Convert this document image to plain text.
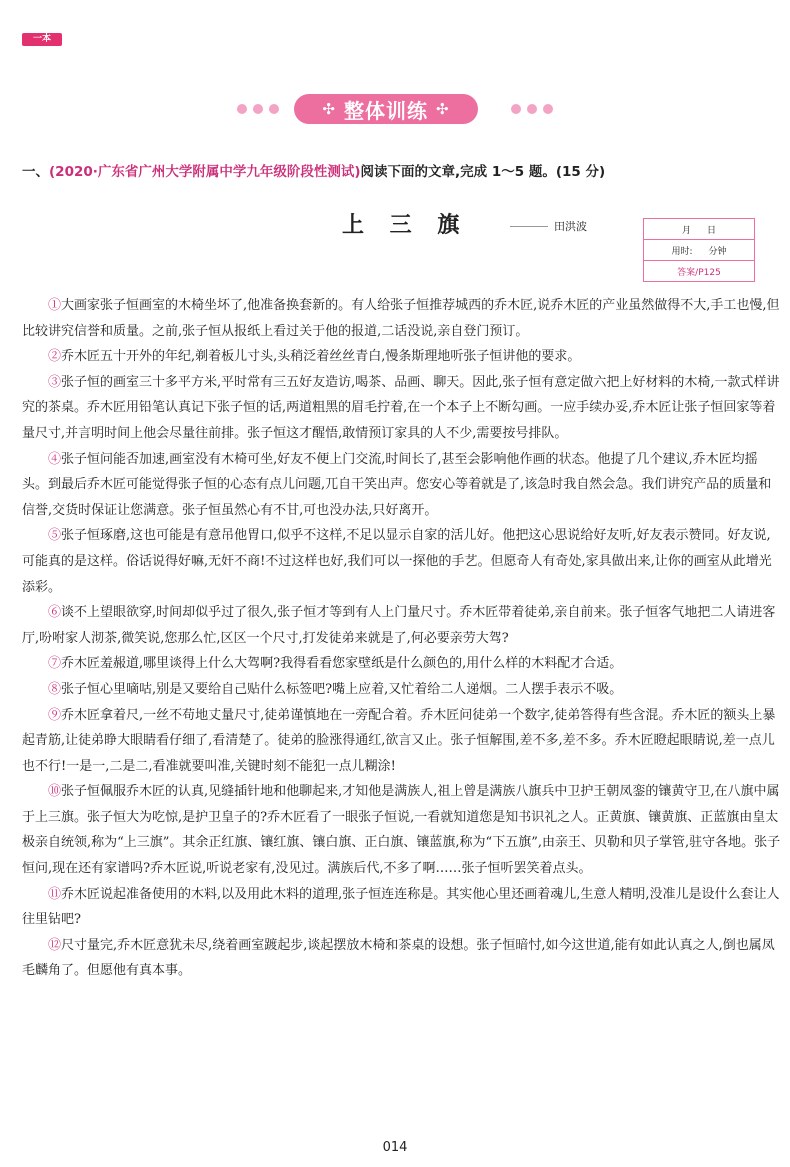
一本
✣ 整体训练 ✣
一、(2020·广东省广州大学附属中学九年级阶段性测试)阅读下面的文章,完成 1～5 题。(15 分)
上 三 旗	田洪波	月 日
用时: 分钟
答案/P125

①大画家张子恒画室的木椅坐坏了,他准备换套新的。有人给张子恒推荐城西的乔木匠,说乔木匠的产业虽然做得不大,手工也慢,但比较讲究信誉和质量。之前,张子恒从报纸上看过关于他的报道,二话没说,亲自登门预订。

②乔木匠五十开外的年纪,剃着板儿寸头,头稍泛着丝丝青白,慢条斯理地听张子恒讲他的要求。

③张子恒的画室三十多平方米,平时常有三五好友造访,喝茶、品画、聊天。因此,张子恒有意定做六把上好材料的木椅,一款式样讲究的茶桌。乔木匠用铅笔认真记下张子恒的话,两道粗黑的眉毛拧着,在一个本子上不断勾画。一应手续办妥,乔木匠让张子恒回家等着量尺寸,并言明时间上他会尽量往前排。张子恒这才醒悟,敢情预订家具的人不少,需要按号排队。

④张子恒问能否加速,画室没有木椅可坐,好友不便上门交流,时间长了,甚至会影响他作画的状态。他提了几个建议,乔木匠均摇头。到最后乔木匠可能觉得张子恒的心态有点儿问题,兀自干笑出声。您安心等着就是了,该急时我自然会急。我们讲究产品的质量和信誉,交货时保证让您满意。张子恒虽然心有不甘,可也没办法,只好离开。

⑤张子恒琢磨,这也可能是有意吊他胃口,似乎不这样,不足以显示自家的活儿好。他把这心思说给好友听,好友表示赞同。好友说,可能真的是这样。俗话说得好嘛,无奸不商!不过这样也好,我们可以一探他的手艺。但愿奇人有奇处,家具做出来,让你的画室从此增光添彩。

⑥谈不上望眼欲穿,时间却似乎过了很久,张子恒才等到有人上门量尺寸。乔木匠带着徒弟,亲自前来。张子恒客气地把二人请进客厅,吩咐家人沏茶,微笑说,您那么忙,区区一个尺寸,打发徒弟来就是了,何必要亲劳大驾?

⑦乔木匠羞赧道,哪里谈得上什么大驾啊?我得看看您家壁纸是什么颜色的,用什么样的木料配才合适。

⑧张子恒心里嘀咕,别是又要给自己贴什么标签吧?嘴上应着,又忙着给二人递烟。二人摆手表示不吸。

⑨乔木匠拿着尺,一丝不苟地丈量尺寸,徒弟谨慎地在一旁配合着。乔木匠问徒弟一个数字,徒弟答得有些含混。乔木匠的额头上暴起青筋,让徒弟睁大眼睛看仔细了,看清楚了。徒弟的脸涨得通红,欲言又止。张子恒解围,差不多,差不多。乔木匠瞪起眼睛说,差一点儿也不行!一是一,二是二,看准就要叫准,关键时刻不能犯一点儿糊涂!

⑩张子恒佩服乔木匠的认真,见缝插针地和他聊起来,才知他是满族人,祖上曾是满族八旗兵中卫护王朝凤銮的镶黄守卫,在八旗中属于上三旗。张子恒大为吃惊,是护卫皇子的?乔木匠看了一眼张子恒说,一看就知道您是知书识礼之人。正黄旗、镶黄旗、正蓝旗由皇太极亲自统领,称为“上三旗”。其余正红旗、镶红旗、镶白旗、正白旗、镶蓝旗,称为“下五旗”,由亲王、贝勒和贝子掌管,驻守各地。张子恒问,现在还有家谱吗?乔木匠说,听说老家有,没见过。满族后代,不多了啊……张子恒听罢笑着点头。

⑪乔木匠说起准备使用的木料,以及用此木料的道理,张子恒连连称是。其实他心里还画着魂儿,生意人精明,没准儿是设什么套让人往里钻吧?

⑫尺寸量完,乔木匠意犹未尽,绕着画室踱起步,谈起摆放木椅和茶桌的设想。张子恒暗忖,如今这世道,能有如此认真之人,倒也属凤毛麟角了。但愿他有真本事。

014
